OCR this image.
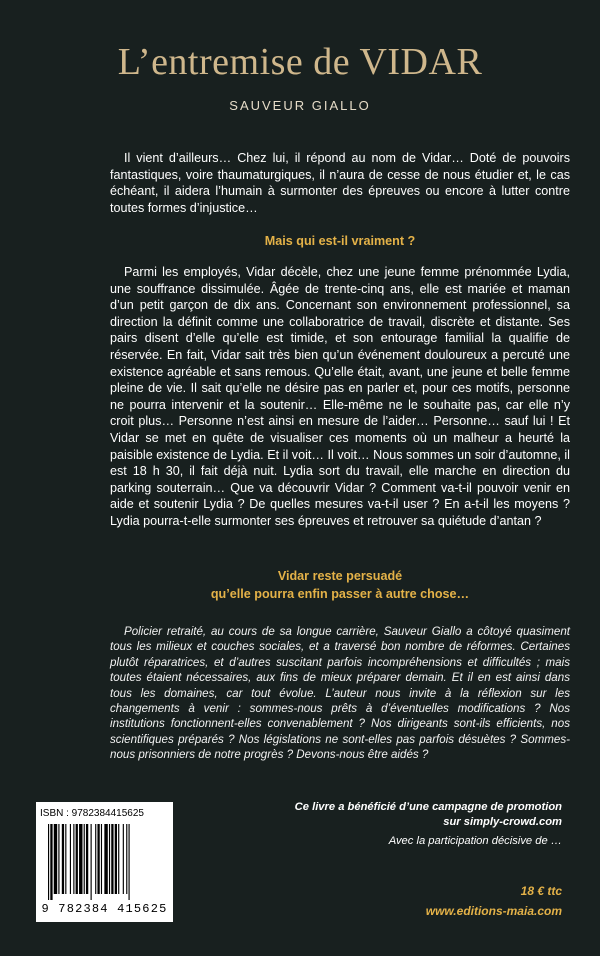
L’entremise de VIDAR
SAUVEUR GIALLO
Il vient d’ailleurs… Chez lui, il répond au nom de Vidar… Doté de pouvoirs fantastiques, voire thaumaturgiques, il n’aura de cesse de nous étudier et, le cas échéant, il aidera l’humain à surmonter des épreuves ou encore à lutter contre toutes formes d’injustice…
Mais qui est-il vraiment ?
Parmi les employés, Vidar décèle, chez une jeune femme prénommée Lydia, une souffrance dissimulée. Âgée de trente-cinq ans, elle est mariée et maman d’un petit garçon de dix ans. Concernant son environnement professionnel, sa direction la définit comme une collaboratrice de travail, discrète et distante. Ses pairs disent d’elle qu’elle est timide, et son entourage familial la qualifie de réservée. En fait, Vidar sait très bien qu’un événement douloureux a percuté une existence agréable et sans remous. Qu’elle était, avant, une jeune et belle femme pleine de vie. Il sait qu’elle ne désire pas en parler et, pour ces motifs, personne ne pourra intervenir et la soutenir… Elle-même ne le souhaite pas, car elle n’y croit plus… Personne n’est ainsi en mesure de l’aider… Personne… sauf lui ! Et Vidar se met en quête de visualiser ces moments où un malheur a heurté la paisible existence de Lydia. Et il voit… Il voit… Nous sommes un soir d’automne, il est 18 h 30, il fait déjà nuit. Lydia sort du travail, elle marche en direction du parking souterrain… Que va découvrir Vidar ? Comment va-t-il pouvoir venir en aide et soutenir Lydia ? De quelles mesures va-t-il user ? En a-t-il les moyens ? Lydia pourra-t-elle surmonter ses épreuves et retrouver sa quiétude d’antan ?
Vidar reste persuadé
qu’elle pourra enfin passer à autre chose…
Policier retraité, au cours de sa longue carrière, Sauveur Giallo a côtoyé quasiment tous les milieux et couches sociales, et a traversé bon nombre de réformes. Certaines plutôt réparatrices, et d’autres suscitant parfois incompréhensions et difficultés ; mais toutes étaient nécessaires, aux fins de mieux préparer demain. Et il en est ainsi dans tous les domaines, car tout évolue. L’auteur nous invite à la réflexion sur les changements à venir : sommes-nous prêts à d’éventuelles modifications ? Nos institutions fonctionnent-elles convenablement ? Nos dirigeants sont-ils efficients, nos scientifiques préparés ? Nos législations ne sont-elles pas parfois désuètes ? Sommes-nous prisonniers de notre progrès ? Devons-nous être aidés ?
ISBN : 9782384415625
9 782384 415625
Ce livre a bénéficié d’une campagne de promotion
sur simply-crowd.com
Avec la participation décisive de …
18 € ttc
www.editions-maia.com
